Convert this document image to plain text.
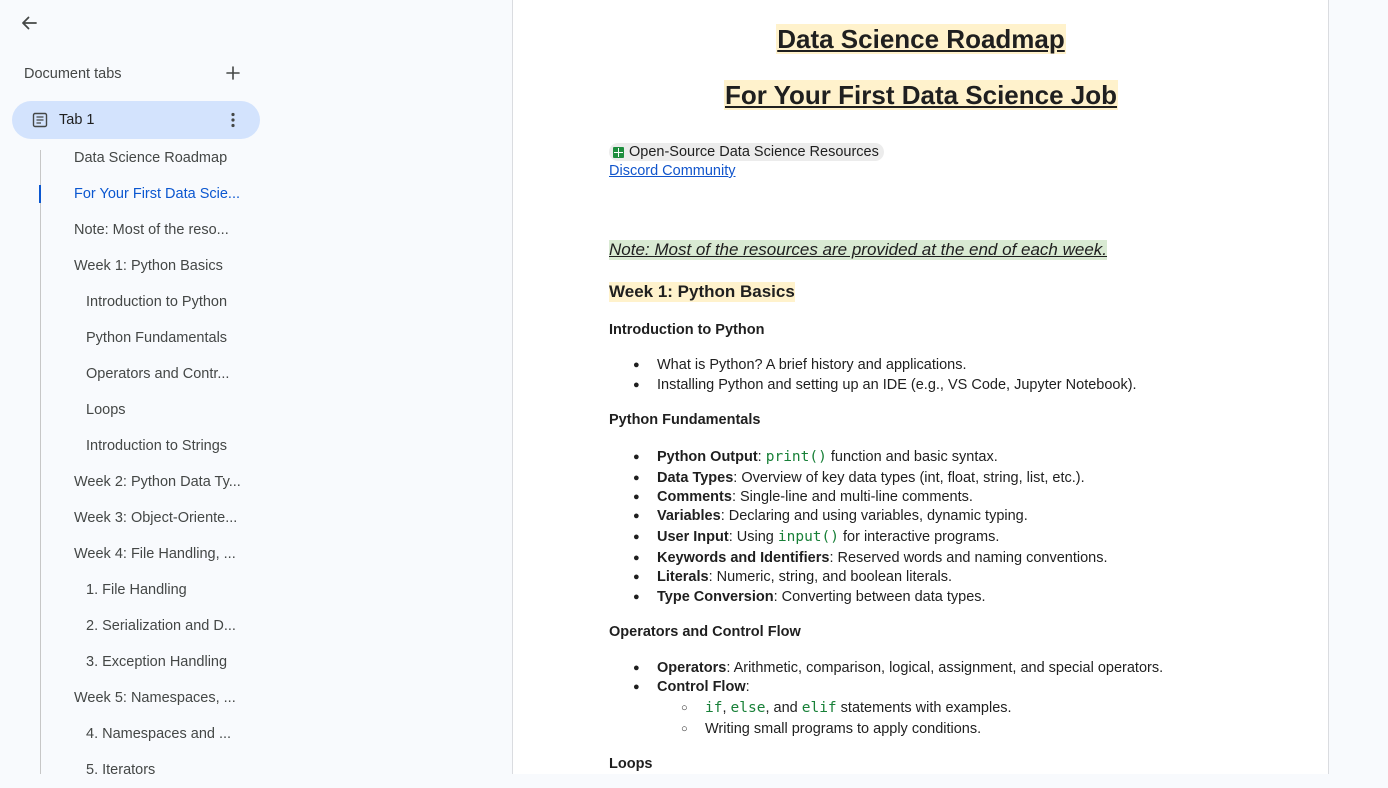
Document tabs
Tab 1
Data Science Roadmap
For Your First Data Scie...
Note: Most of the reso...
Week 1: Python Basics
Introduction to Python
Python Fundamentals
Operators and Contr...
Loops
Introduction to Strings
Week 2: Python Data Ty...
Week 3: Object-Oriente...
Week 4: File Handling, ...
1. File Handling
2. Serialization and D...
3. Exception Handling
Week 5: Namespaces, ...
4. Namespaces and ...
5. Iterators
Data Science Roadmap
For Your First Data Science Job
Open-Source Data Science Resources
Discord Community
Note: Most of the resources are provided at the end of each week.
Week 1: Python Basics
Introduction to Python
● What is Python? A brief history and applications.
● Installing Python and setting up an IDE (e.g., VS Code, Jupyter Notebook).
Python Fundamentals
● Python Output: print() function and basic syntax.
● Data Types: Overview of key data types (int, float, string, list, etc.).
● Comments: Single-line and multi-line comments.
● Variables: Declaring and using variables, dynamic typing.
● User Input: Using input() for interactive programs.
● Keywords and Identifiers: Reserved words and naming conventions.
● Literals: Numeric, string, and boolean literals.
● Type Conversion: Converting between data types.
Operators and Control Flow
● Operators: Arithmetic, comparison, logical, assignment, and special operators.
● Control Flow:
○ if, else, and elif statements with examples.
○ Writing small programs to apply conditions.
Loops
